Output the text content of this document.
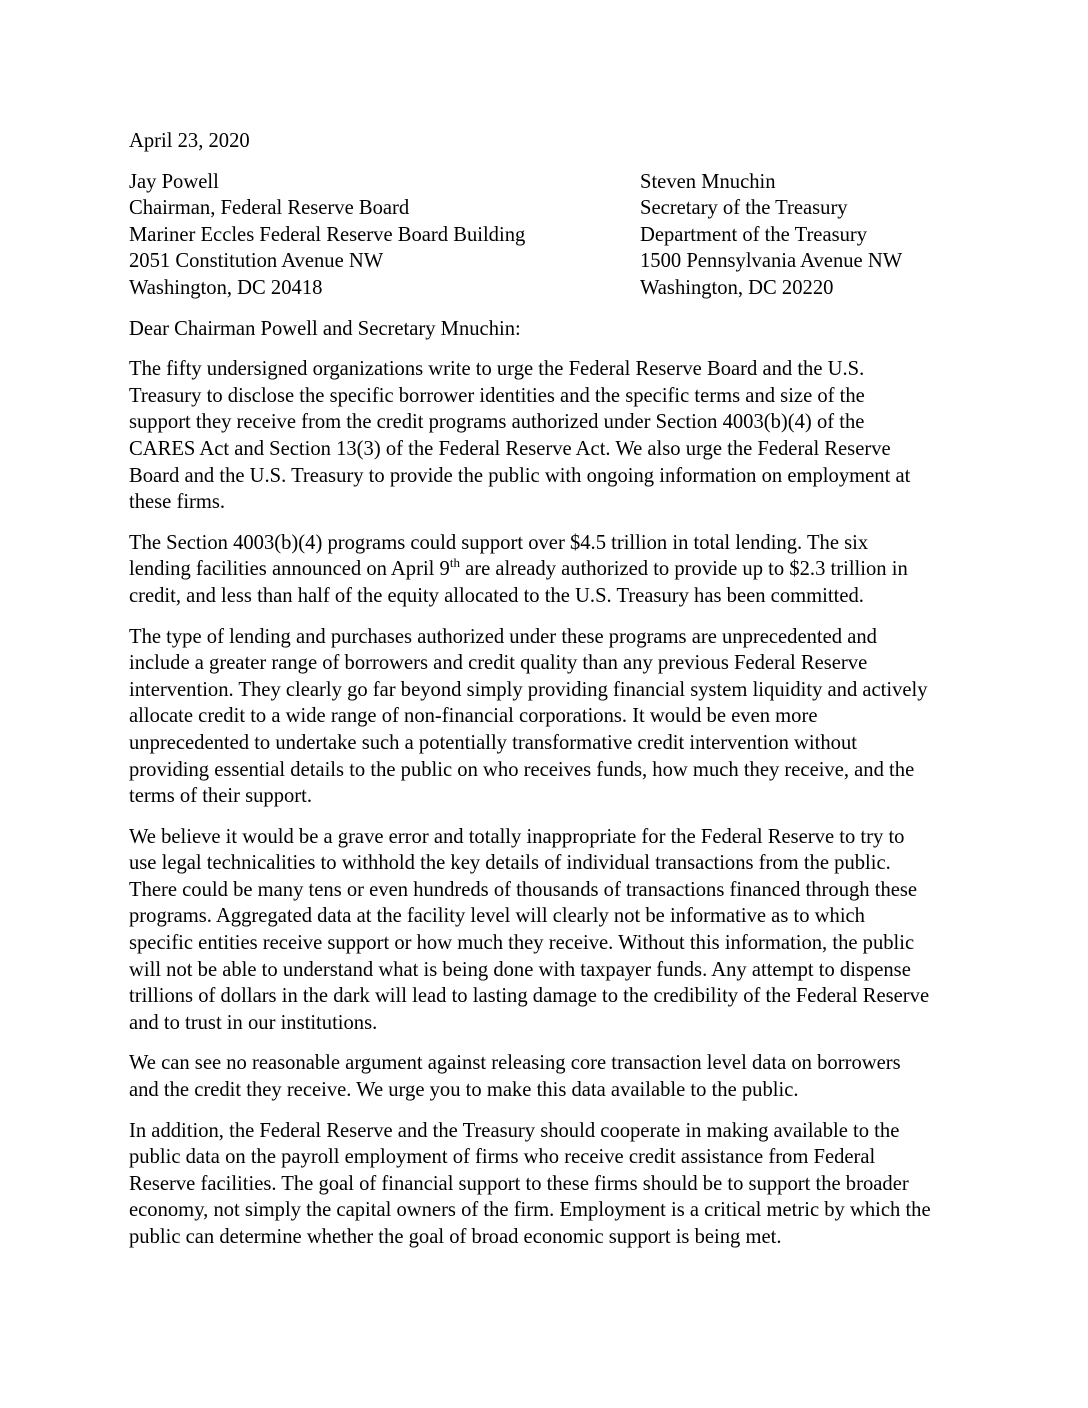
April 23, 2020
Jay Powell
Chairman, Federal Reserve Board
Mariner Eccles Federal Reserve Board Building
2051 Constitution Avenue NW
Washington, DC 20418
Steven Mnuchin
Secretary of the Treasury
Department of the Treasury
1500 Pennsylvania Avenue NW
Washington, DC 20220
Dear Chairman Powell and Secretary Mnuchin:
The fifty undersigned organizations write to urge the Federal Reserve Board and the U.S.
Treasury to disclose the specific borrower identities and the specific terms and size of the
support they receive from the credit programs authorized under Section 4003(b)(4) of the
CARES Act and Section 13(3) of the Federal Reserve Act. We also urge the Federal Reserve
Board and the U.S. Treasury to provide the public with ongoing information on employment at
these firms.
The Section 4003(b)(4) programs could support over $4.5 trillion in total lending. The six
lending facilities announced on April 9th are already authorized to provide up to $2.3 trillion in
credit, and less than half of the equity allocated to the U.S. Treasury has been committed.
The type of lending and purchases authorized under these programs are unprecedented and
include a greater range of borrowers and credit quality than any previous Federal Reserve
intervention. They clearly go far beyond simply providing financial system liquidity and actively
allocate credit to a wide range of non-financial corporations. It would be even more
unprecedented to undertake such a potentially transformative credit intervention without
providing essential details to the public on who receives funds, how much they receive, and the
terms of their support.
We believe it would be a grave error and totally inappropriate for the Federal Reserve to try to
use legal technicalities to withhold the key details of individual transactions from the public.
There could be many tens or even hundreds of thousands of transactions financed through these
programs. Aggregated data at the facility level will clearly not be informative as to which
specific entities receive support or how much they receive. Without this information, the public
will not be able to understand what is being done with taxpayer funds. Any attempt to dispense
trillions of dollars in the dark will lead to lasting damage to the credibility of the Federal Reserve
and to trust in our institutions.
We can see no reasonable argument against releasing core transaction level data on borrowers
and the credit they receive. We urge you to make this data available to the public.
In addition, the Federal Reserve and the Treasury should cooperate in making available to the
public data on the payroll employment of firms who receive credit assistance from Federal
Reserve facilities. The goal of financial support to these firms should be to support the broader
economy, not simply the capital owners of the firm. Employment is a critical metric by which the
public can determine whether the goal of broad economic support is being met.
